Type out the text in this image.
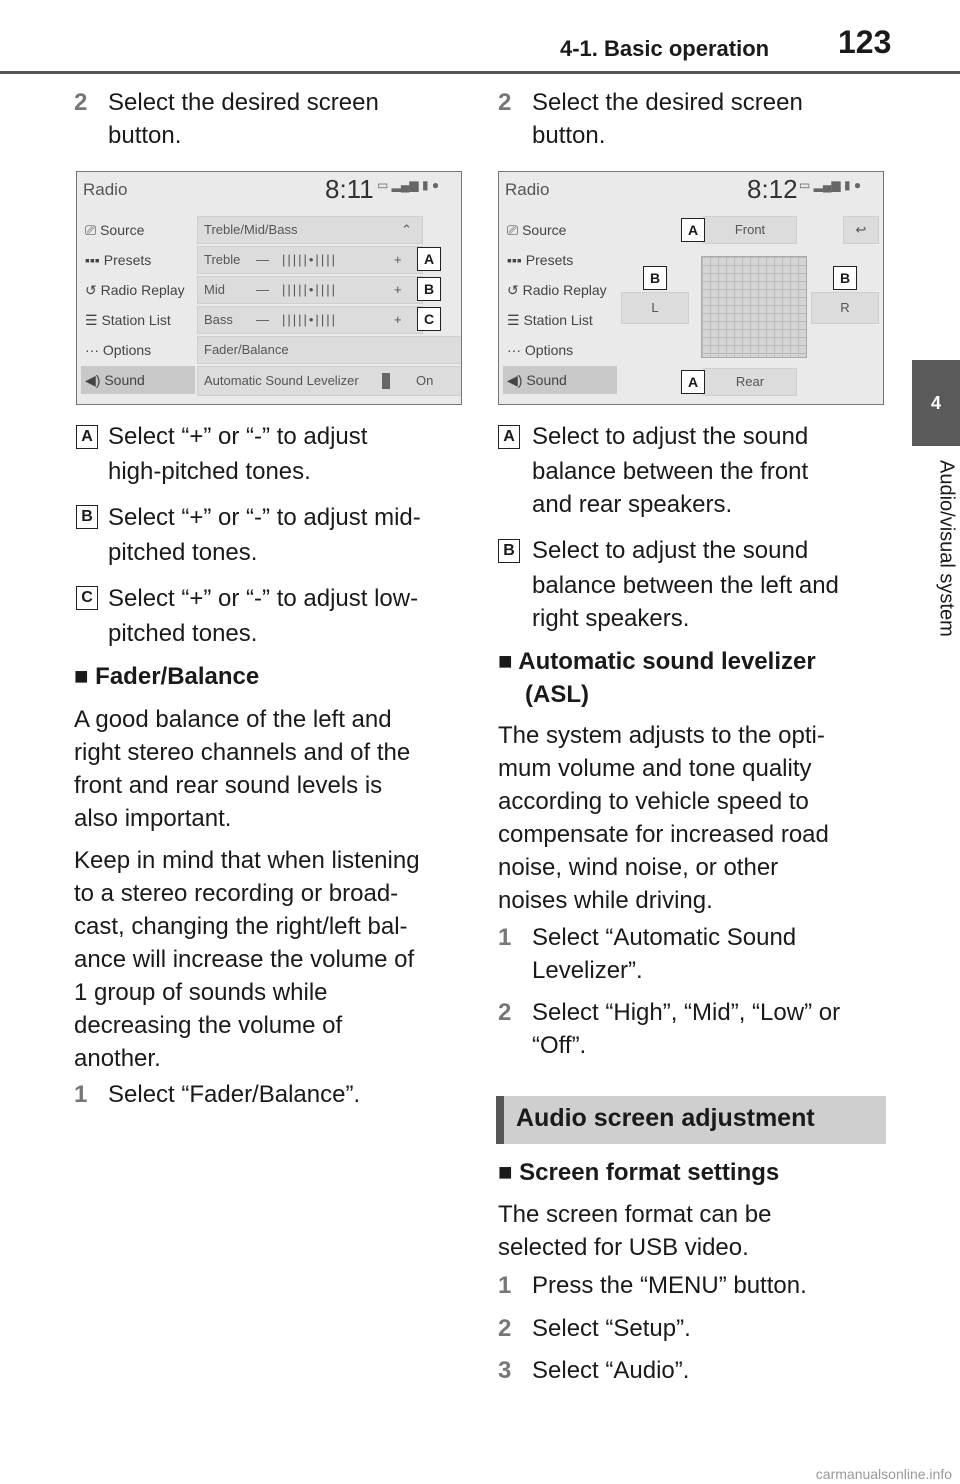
4-1. Basic operation 123
4
Audio/visual system
2 Select the desired screen
button.
Radio	8:11 ▭ ▂▄▆ ▮ ●
⎚ Source
▪▪▪ Presets
↺ Radio Replay
☰ Station List
··· Options
◀) Sound
Treble/Mid/Bass	⌃
Treble — |||||•||||	+
Mid — |||||•||||	+
Bass — |||||•||||	+
Fader/Balance
Automatic Sound Levelizer	On
A
B
C
A Select “+” or “-” to adjust
high-pitched tones.
B Select “+” or “-” to adjust mid-
pitched tones.
C Select “+” or “-” to adjust low-
pitched tones.
■ Fader/Balance
A good balance of the left and
right stereo channels and of the
front and rear sound levels is
also important.
Keep in mind that when listening
to a stereo recording or broad-
cast, changing the right/left bal-
ance will increase the volume of
1 group of sounds while
decreasing the volume of
another.
1 Select “Fader/Balance”.
2 Select the desired screen
button.
Radio	8:12 ▭ ▂▄▆ ▮ ●
⎚ Source
▪▪▪ Presets
↺ Radio Replay
☰ Station List
··· Options
◀) Sound
Front	↩
L	R
Rear
A
B	B
A
A Select to adjust the sound
balance between the front
and rear speakers.
B Select to adjust the sound
balance between the left and
right speakers.
■ Automatic sound levelizer
(ASL)
The system adjusts to the opti-
mum volume and tone quality
according to vehicle speed to
compensate for increased road
noise, wind noise, or other
noises while driving.
1 Select “Automatic Sound
Levelizer”.
2 Select “High”, “Mid”, “Low” or
“Off”.
Audio screen adjustment
■ Screen format settings
The screen format can be
selected for USB video.
1 Press the “MENU” button.
2 Select “Setup”.
3 Select “Audio”.
carmanualsonline.info
